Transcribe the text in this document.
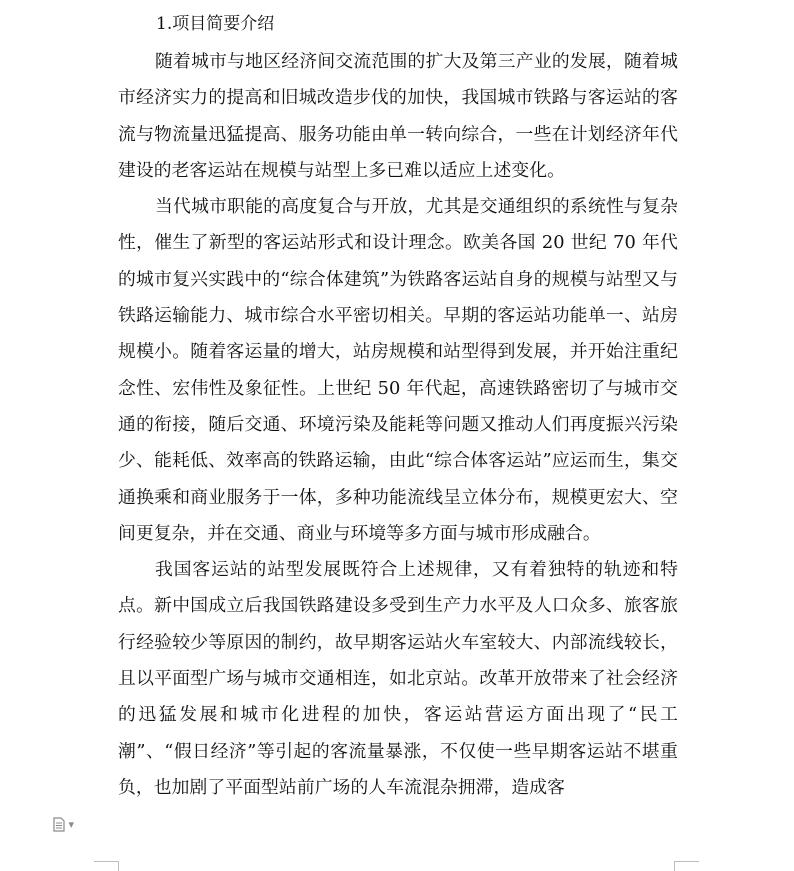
1.项目简要介绍

随着城市与地区经济间交流范围的扩大及第三产业的发展，随着城市经济实力的提高和旧城改造步伐的加快，我国城市铁路与客运站的客流与物流量迅猛提高、服务功能由单一转向综合，一些在计划经济年代建设的老客运站在规模与站型上多已难以适应上述变化。

当代城市职能的高度复合与开放，尤其是交通组织的系统性与复杂性，催生了新型的客运站形式和设计理念。欧美各国 20 世纪 70 年代的城市复兴实践中的“综合体建筑”为铁路客运站自身的规模与站型又与铁路运输能力、城市综合水平密切相关。早期的客运站功能单一、站房规模小。随着客运量的增大，站房规模和站型得到发展，并开始注重纪念性、宏伟性及象征性。上世纪 50 年代起，高速铁路密切了与城市交通的衔接，随后交通、环境污染及能耗等问题又推动人们再度振兴污染少、能耗低、效率高的铁路运输，由此“综合体客运站”应运而生，集交通换乘和商业服务于一体，多种功能流线呈立体分布，规模更宏大、空间更复杂，并在交通、商业与环境等多方面与城市形成融合。

我国客运站的站型发展既符合上述规律，又有着独特的轨迹和特点。新中国成立后我国铁路建设多受到生产力水平及人口众多、旅客旅行经验较少等原因的制约，故早期客运站火车室较大、内部流线较长，且以平面型广场与城市交通相连，如北京站。改革开放带来了社会经济的迅猛发展和城市化进程的加快，客运站营运方面出现了“民工潮”、“假日经济”等引起的客流量暴涨，不仅使一些早期客运站不堪重负，也加剧了平面型站前广场的人车流混杂拥滞，造成客

▾
